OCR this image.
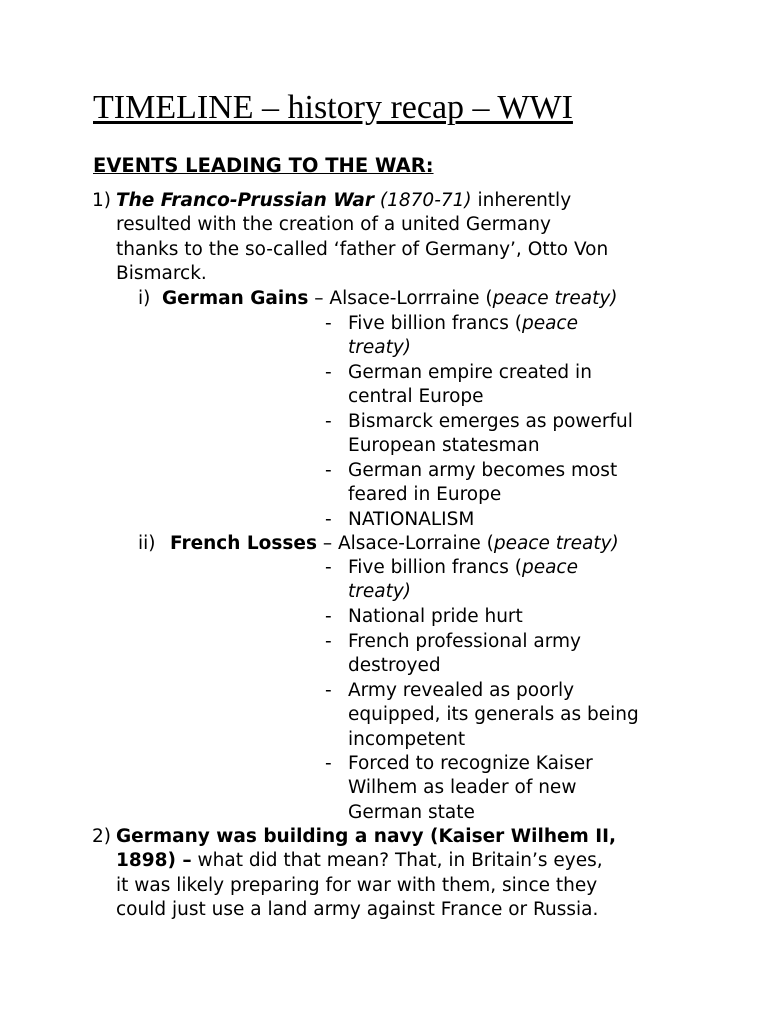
TIMELINE – history recap – WWI
EVENTS LEADING TO THE WAR:
1) The Franco-Prussian War (1870-71) inherently
resulted with the creation of a united Germany
thanks to the so-called ‘father of Germany’, Otto Von
Bismarck.
i) German Gains – Alsace-Lorrraine (peace treaty)
- Five billion francs (peace
treaty)
- German empire created in
central Europe
- Bismarck emerges as powerful
European statesman
- German army becomes most
feared in Europe
- NATIONALISM
ii) French Losses – Alsace-Lorraine (peace treaty)
- Five billion francs (peace
treaty)
- National pride hurt
- French professional army
destroyed
- Army revealed as poorly
equipped, its generals as being
incompetent
- Forced to recognize Kaiser
Wilhem as leader of new
German state
2) Germany was building a navy (Kaiser Wilhem II,
1898) – what did that mean? That, in Britain’s eyes,
it was likely preparing for war with them, since they
could just use a land army against France or Russia.
